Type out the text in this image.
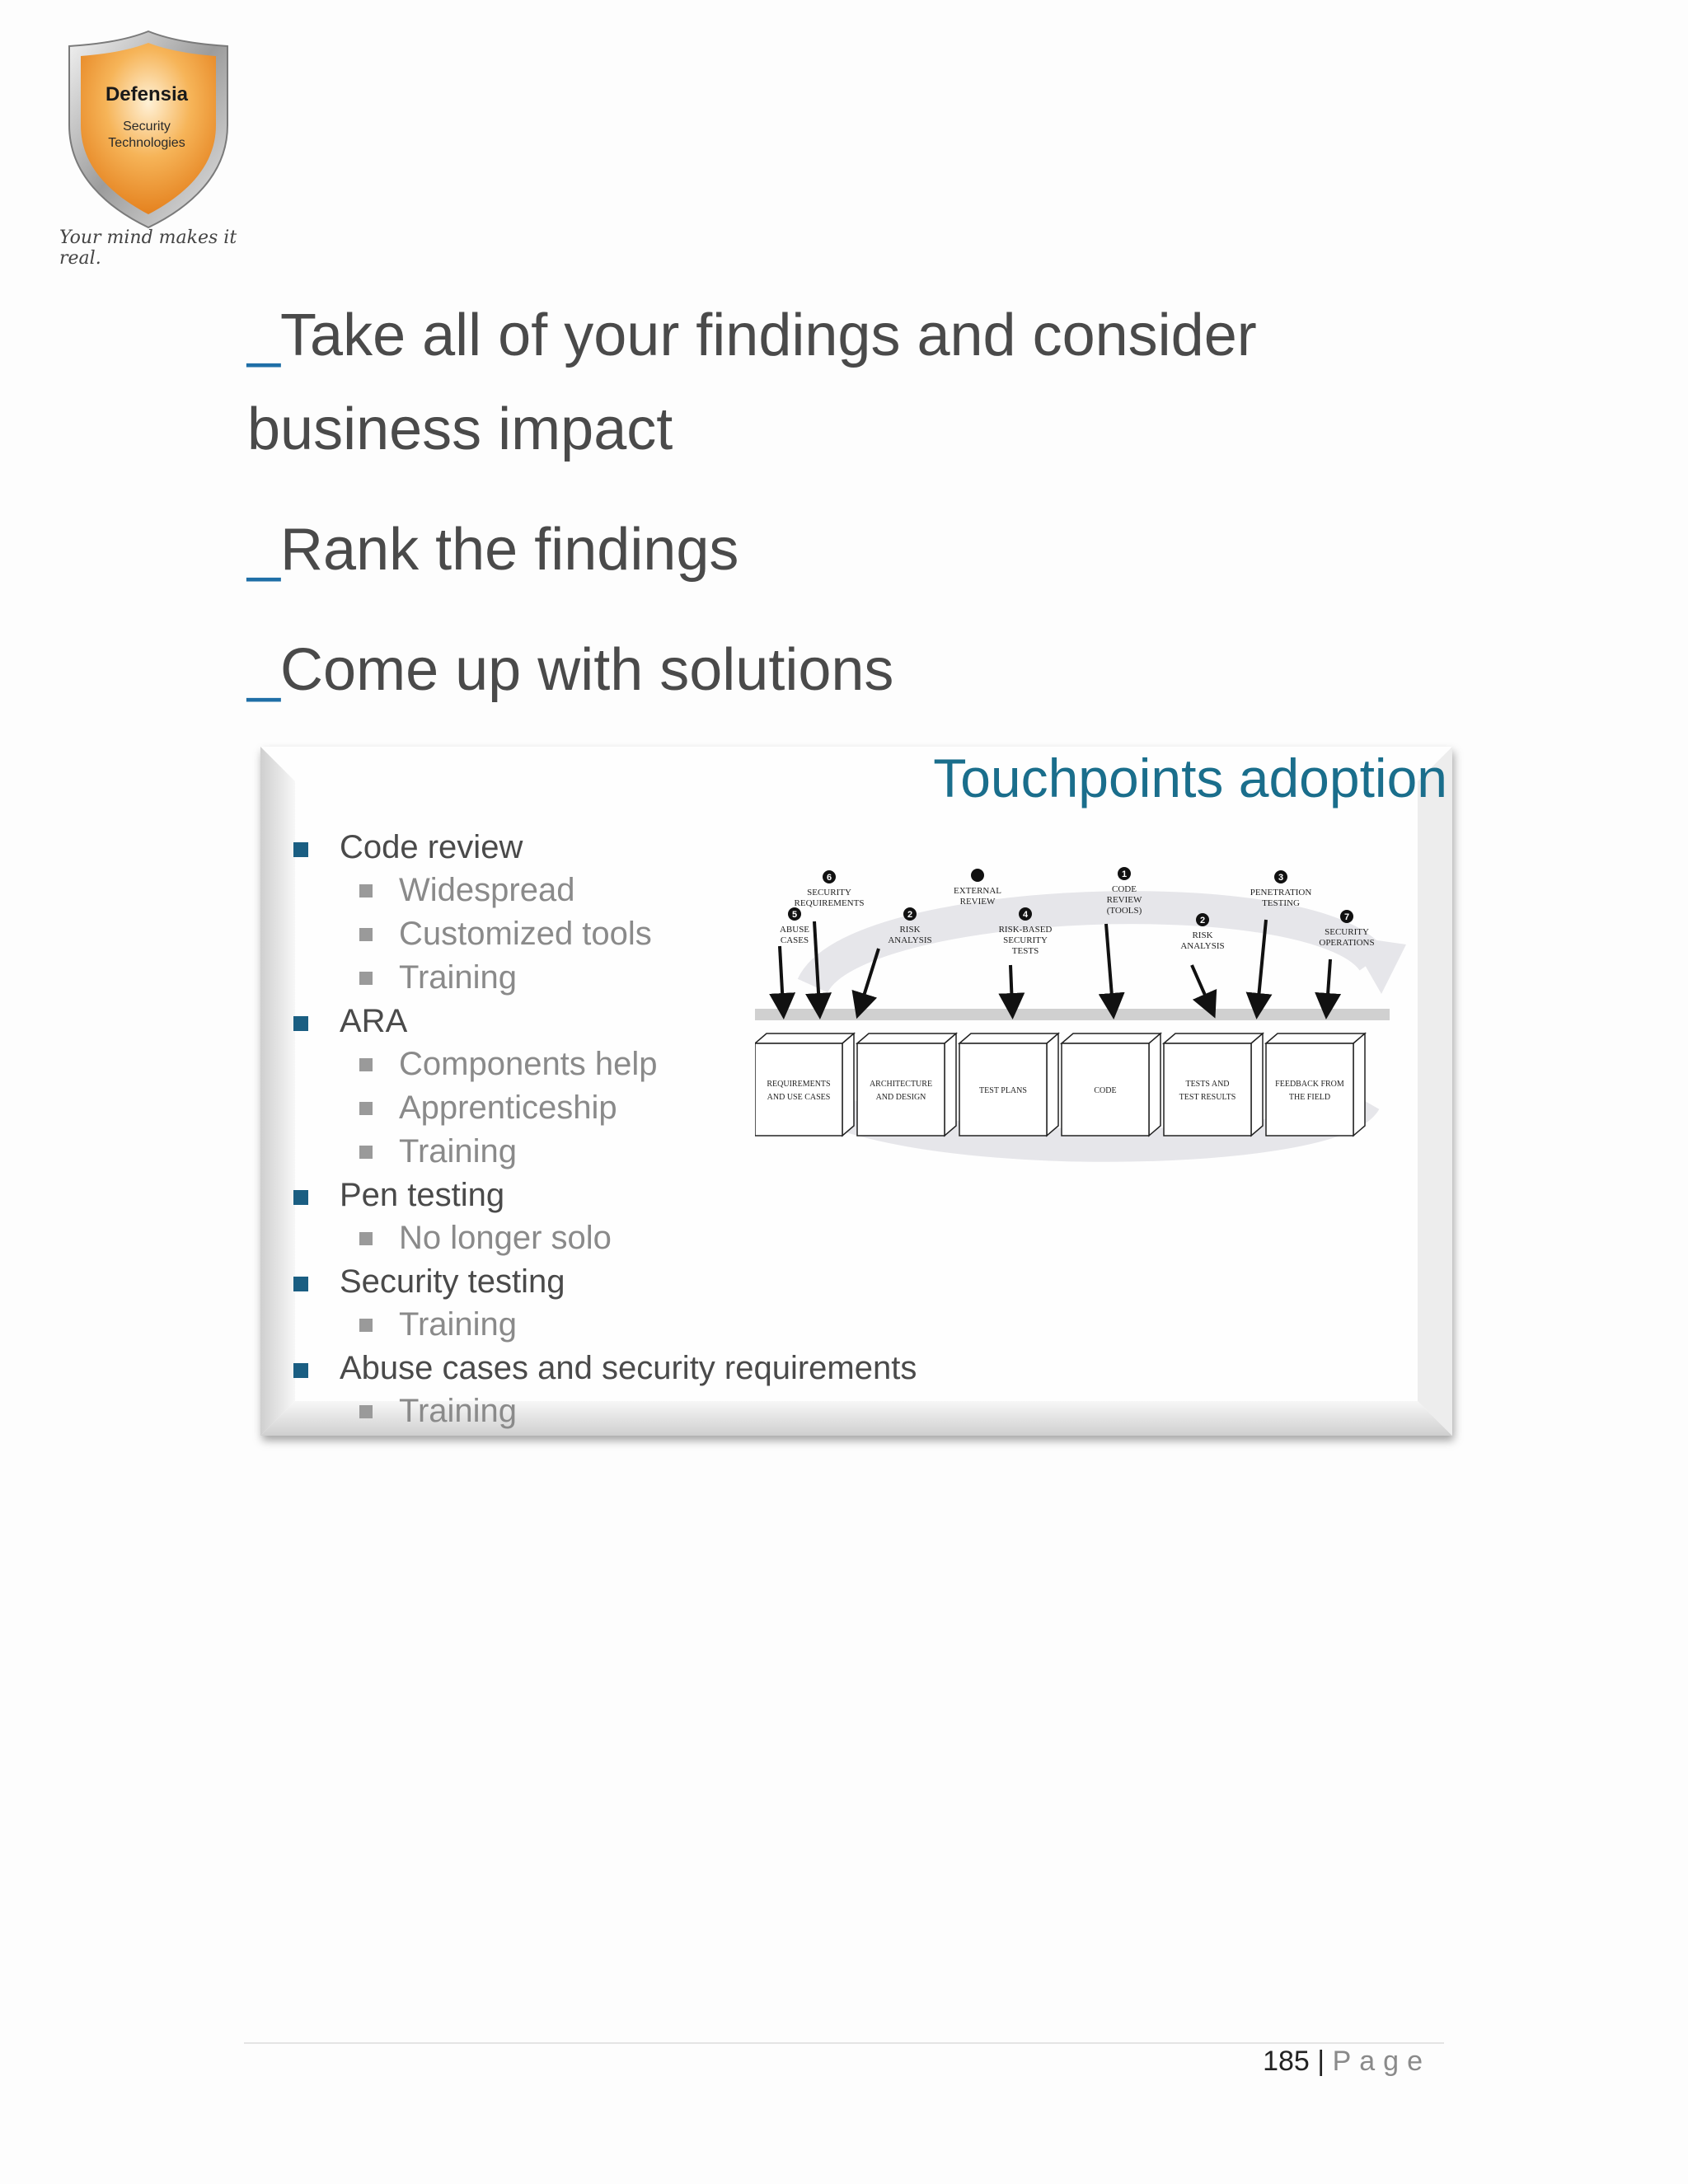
Defensia
Security
Technologies
Your mind makes it real.
_Take all of your findings and consider
business impact
_Rank the findings
_Come up with solutions
Touchpoints adoption
Code review
Widespread
Customized tools
Training
ARA
Components help
Apprenticeship
Training
Pen testing
No longer solo
Security testing
Training
Abuse cases and security requirements
Training
6
SECURITY
REQUIREMENTS
5
ABUSE
CASES
EXTERNAL
REVIEW
2
RISK
ANALYSIS
4
RISK-BASED
SECURITY
TESTS
1
CODE
REVIEW
(TOOLS)
2
RISK
ANALYSIS
3
PENETRATION
TESTING
7
SECURITY
OPERATIONS
REQUIREMENTS
AND USE CASES
ARCHITECTURE
AND DESIGN
TEST PLANS	CODE
TESTS AND
TEST RESULTS
FEEDBACK FROM
THE FIELD
185 | Page
